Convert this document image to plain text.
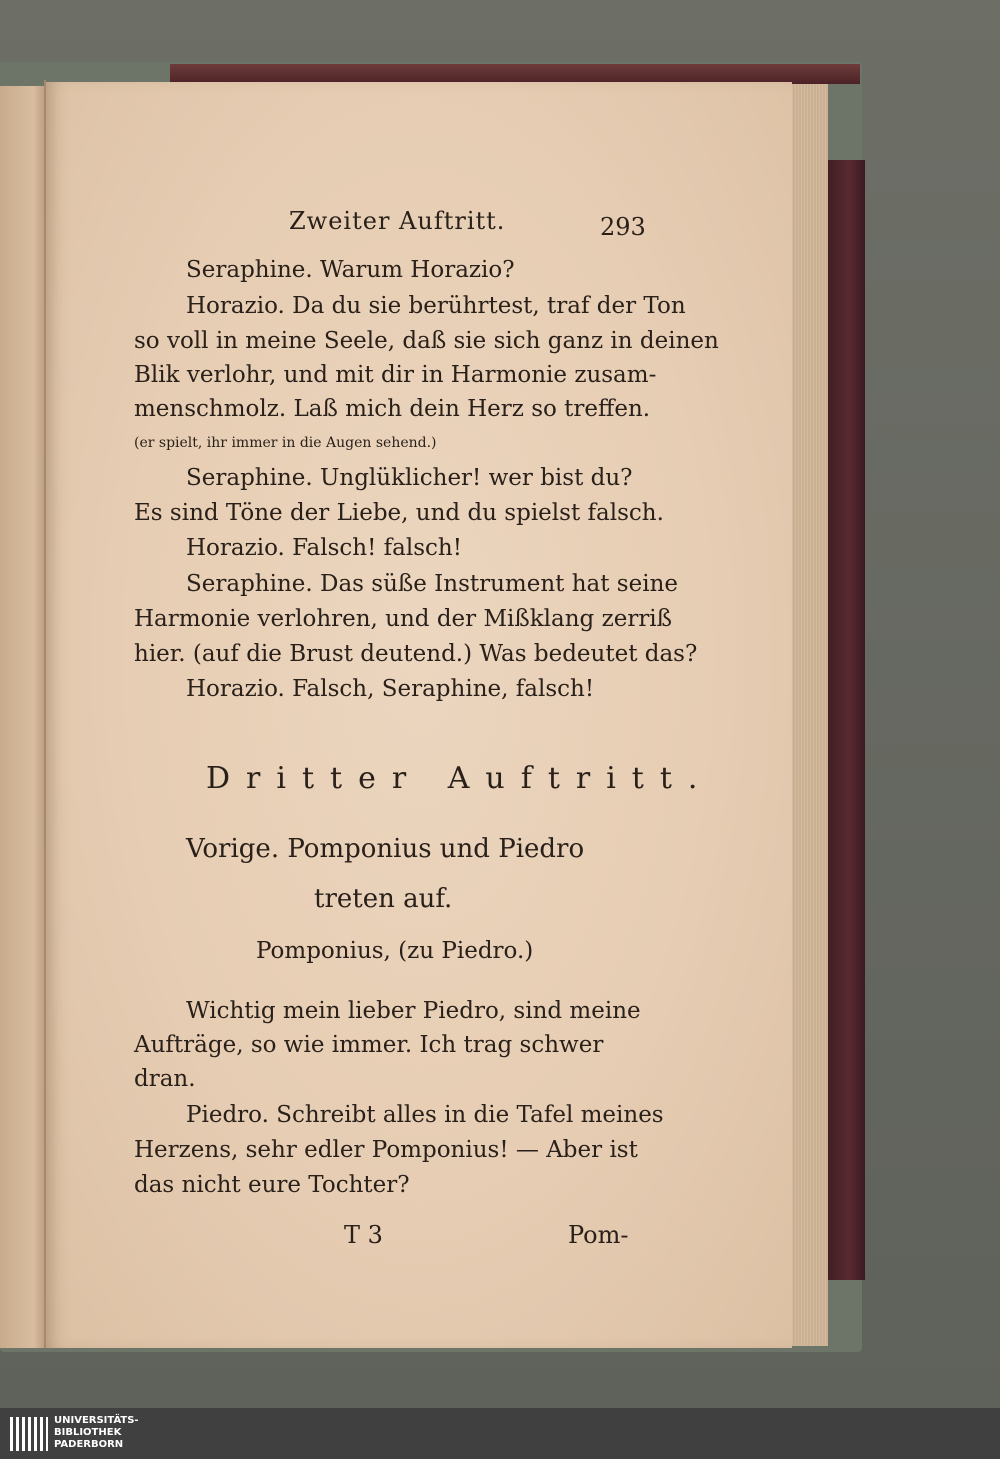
Zweiter Auftritt.	293
Seraphine. Warum Horazio?
Horazio. Da du sie berührtest, traf der Ton
so voll in meine Seele, daß sie sich ganz in deinen
Blik verlohr, und mit dir in Harmonie zusam-
menschmolz. Laß mich dein Herz so treffen.
(er spielt, ihr immer in die Augen sehend.)
Seraphine. Unglüklicher! wer bist du?
Es sind Töne der Liebe, und du spielst falsch.
Horazio. Falsch! falsch!
Seraphine. Das süße Instrument hat seine
Harmonie verlohren, und der Mißklang zerriß
hier. (auf die Brust deutend.) Was bedeutet das?
Horazio. Falsch, Seraphine, falsch!
Dritter Auftritt.
Vorige. Pomponius und Piedro
treten auf.
Pomponius, (zu Piedro.)
Wichtig mein lieber Piedro, sind meine
Aufträge, so wie immer. Ich trag schwer
dran.
Piedro. Schreibt alles in die Tafel meines
Herzens, sehr edler Pomponius! — Aber ist
das nicht eure Tochter?
T 3	Pom-
UNIVERSITÄTS-
BIBLIOTHEK
PADERBORN
